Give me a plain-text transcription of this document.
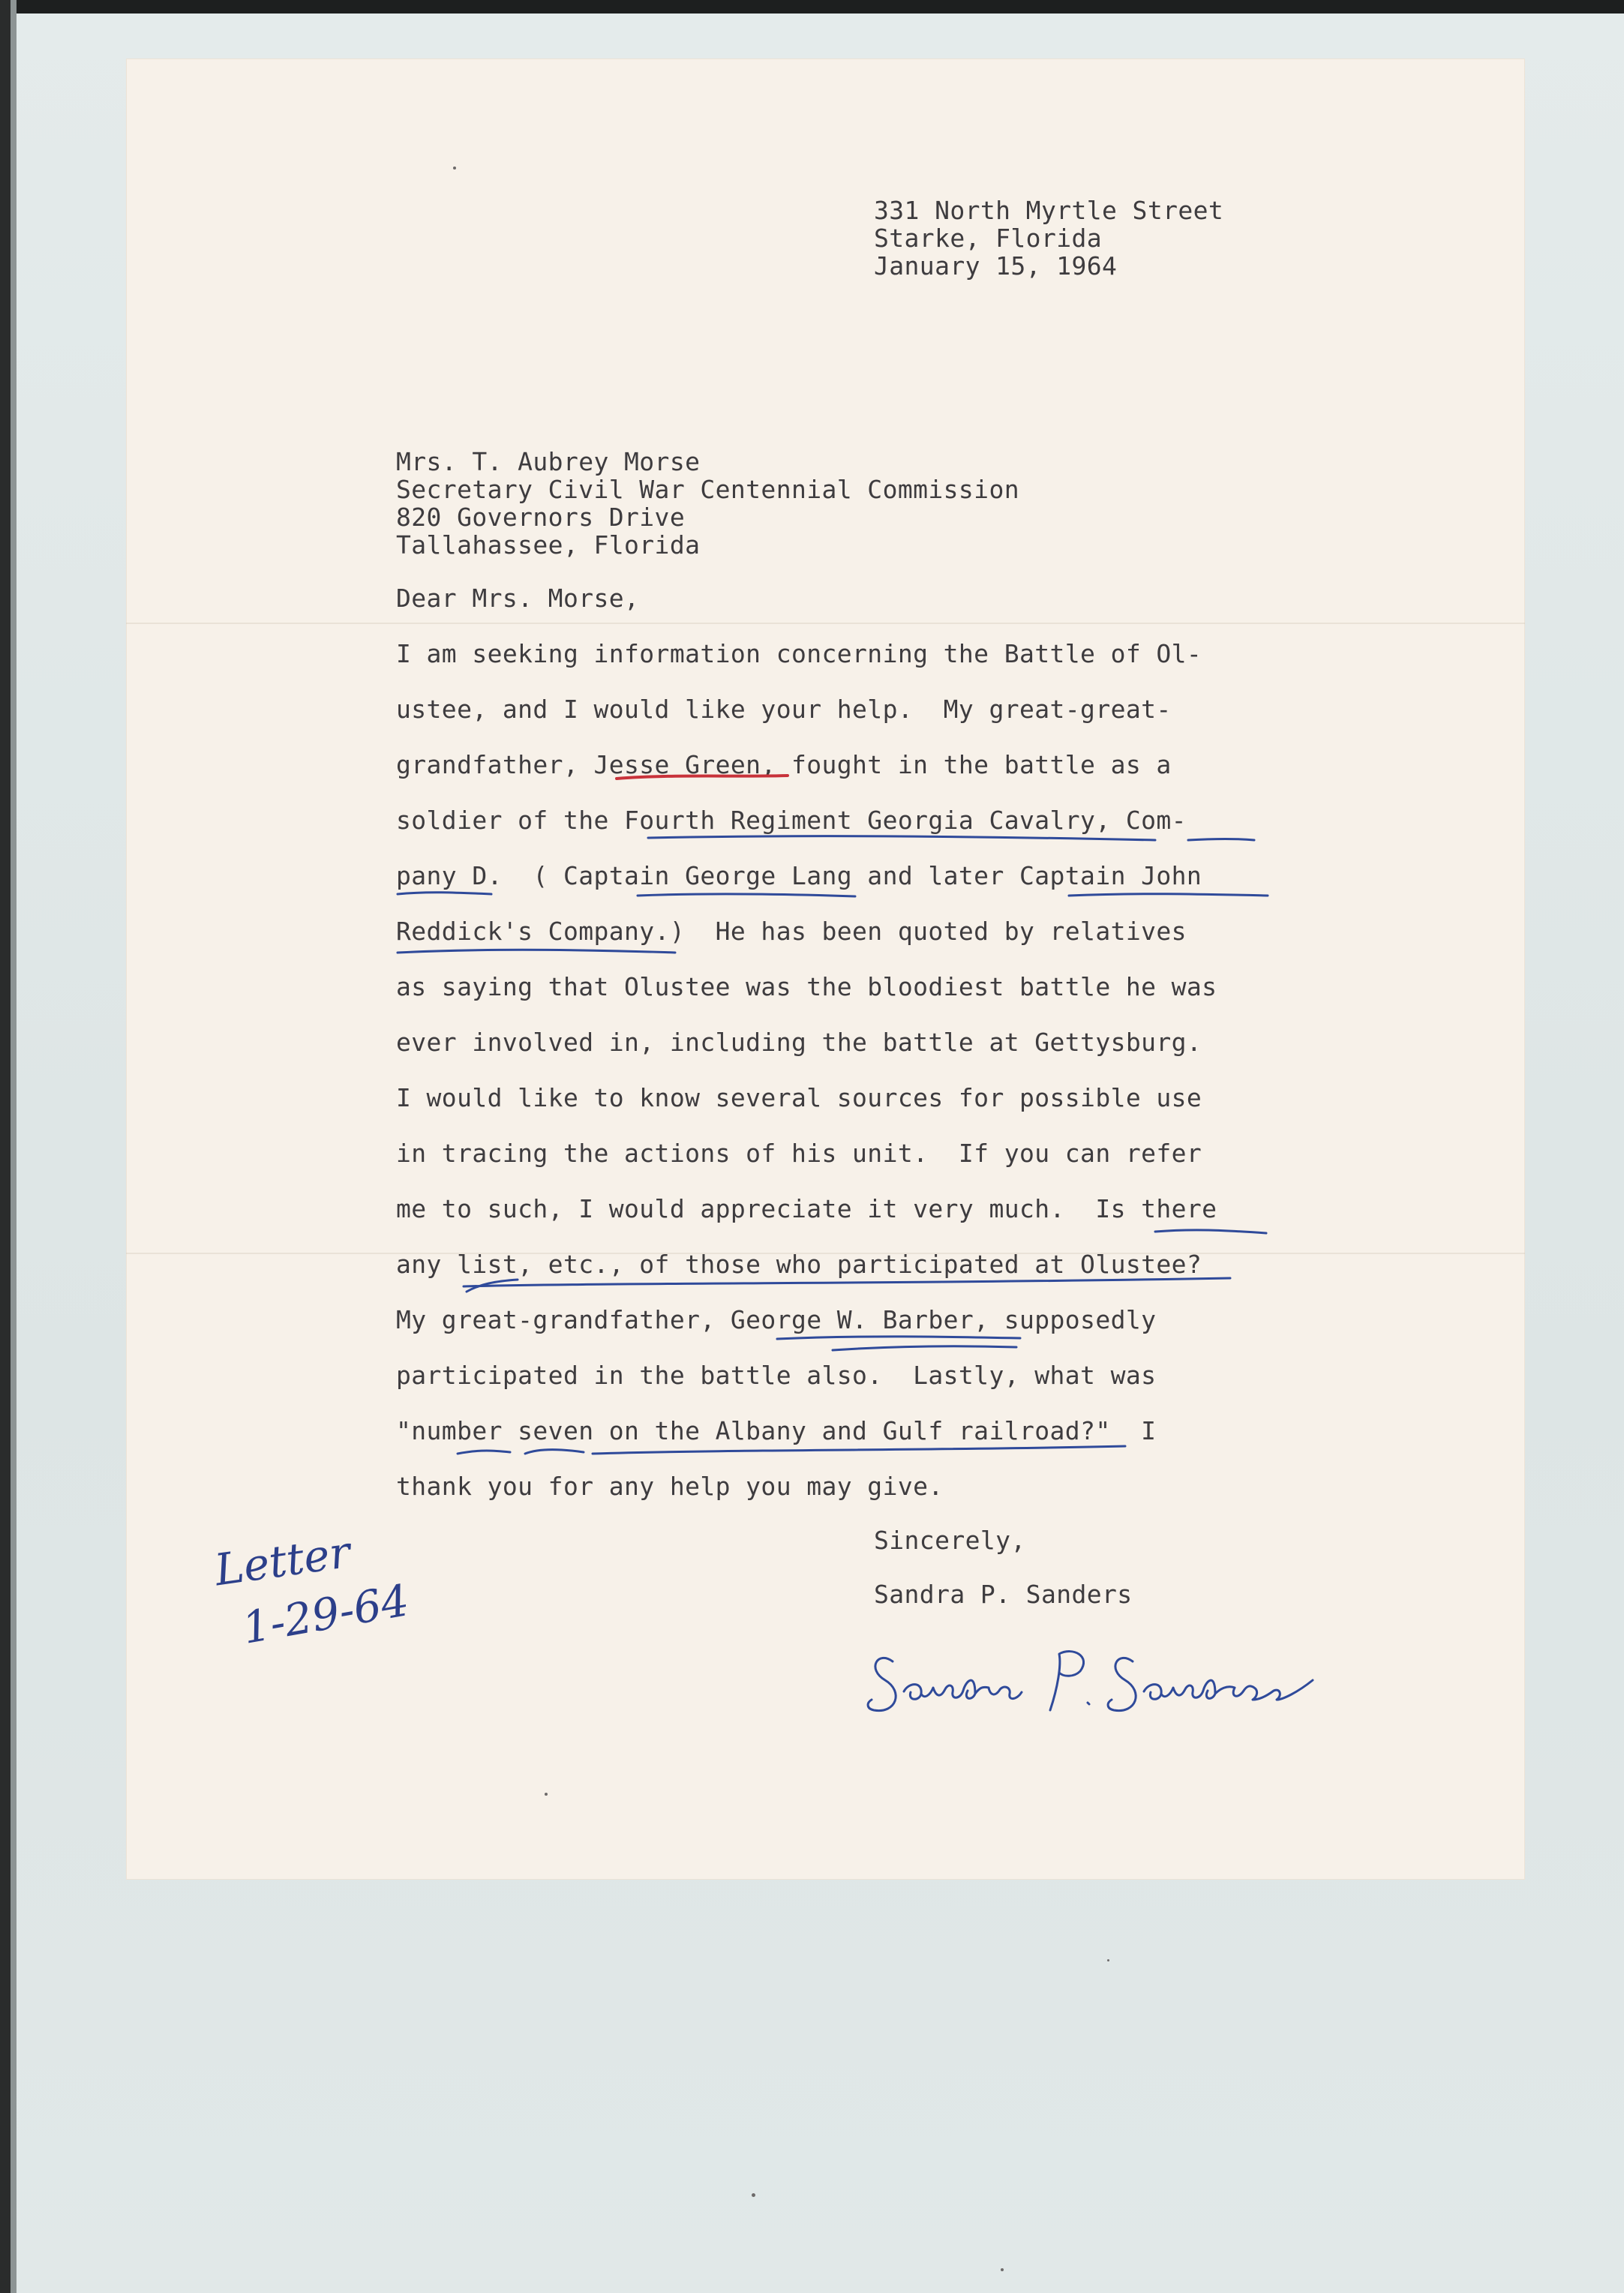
331 North Myrtle Street
Starke, Florida
January 15, 1964
Mrs. T. Aubrey Morse
Secretary Civil War Centennial Commission
820 Governors Drive
Tallahassee, Florida
Dear Mrs. Morse,
I am seeking information concerning the Battle of Ol-
ustee, and I would like your help.  My great-great-
grandfather, Jesse Green, fought in the battle as a
soldier of the Fourth Regiment Georgia Cavalry, Com-
pany D.  ( Captain George Lang and later Captain John
Reddick's Company.)  He has been quoted by relatives
as saying that Olustee was the bloodiest battle he was
ever involved in, including the battle at Gettysburg.
I would like to know several sources for possible use
in tracing the actions of his unit.  If you can refer
me to such, I would appreciate it very much.  Is there
any list, etc., of those who participated at Olustee?
My great-grandfather, George W. Barber, supposedly
participated in the battle also.  Lastly, what was
"number seven on the Albany and Gulf railroad?"  I
thank you for any help you may give.
Sincerely,
Sandra P. Sanders
Letter
1-29-64
